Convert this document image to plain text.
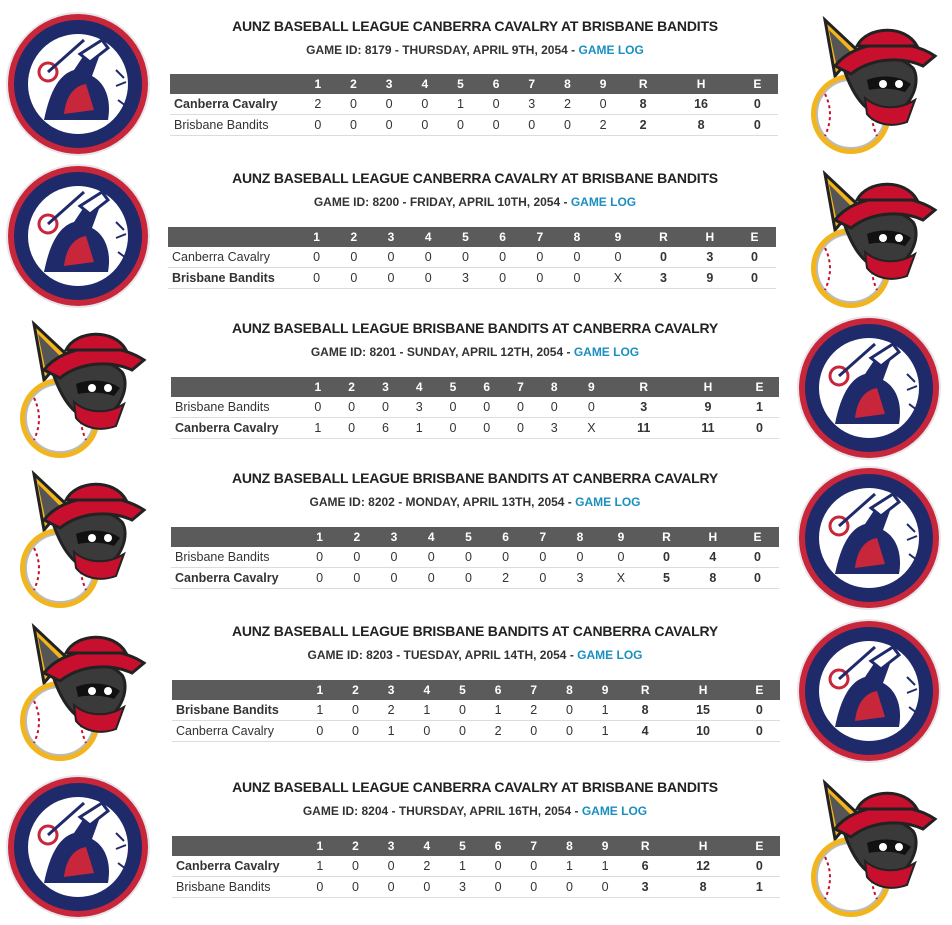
AUNZ BASEBALL LEAGUE CANBERRA CAVALRY AT BRISBANE BANDITS
GAME ID: 8179 - THURSDAY, APRIL 9TH, 2054 - GAME LOG
	1	2	3	4	5	6	7	8	9	R	H	E
Canberra Cavalry	2	0	0	0	1	0	3	2	0	8	16	0
Brisbane Bandits	0	0	0	0	0	0	0	0	2	2	8	0
AUNZ BASEBALL LEAGUE CANBERRA CAVALRY AT BRISBANE BANDITS
GAME ID: 8200 - FRIDAY, APRIL 10TH, 2054 - GAME LOG
	1	2	3	4	5	6	7	8	9	R	H	E
Canberra Cavalry	0	0	0	0	0	0	0	0	0	0	3	0
Brisbane Bandits	0	0	0	0	3	0	0	0	X	3	9	0
AUNZ BASEBALL LEAGUE BRISBANE BANDITS AT CANBERRA CAVALRY
GAME ID: 8201 - SUNDAY, APRIL 12TH, 2054 - GAME LOG
	1	2	3	4	5	6	7	8	9	R	H	E
Brisbane Bandits	0	0	0	3	0	0	0	0	0	3	9	1
Canberra Cavalry	1	0	6	1	0	0	0	3	X	11	11	0
AUNZ BASEBALL LEAGUE BRISBANE BANDITS AT CANBERRA CAVALRY
GAME ID: 8202 - MONDAY, APRIL 13TH, 2054 - GAME LOG
	1	2	3	4	5	6	7	8	9	R	H	E
Brisbane Bandits	0	0	0	0	0	0	0	0	0	0	4	0
Canberra Cavalry	0	0	0	0	0	2	0	3	X	5	8	0
AUNZ BASEBALL LEAGUE BRISBANE BANDITS AT CANBERRA CAVALRY
GAME ID: 8203 - TUESDAY, APRIL 14TH, 2054 - GAME LOG
	1	2	3	4	5	6	7	8	9	R	H	E
Brisbane Bandits	1	0	2	1	0	1	2	0	1	8	15	0
Canberra Cavalry	0	0	1	0	0	2	0	0	1	4	10	0
AUNZ BASEBALL LEAGUE CANBERRA CAVALRY AT BRISBANE BANDITS
GAME ID: 8204 - THURSDAY, APRIL 16TH, 2054 - GAME LOG
	1	2	3	4	5	6	7	8	9	R	H	E
Canberra Cavalry	1	0	0	2	1	0	0	1	1	6	12	0
Brisbane Bandits	0	0	0	0	3	0	0	0	0	3	8	1
